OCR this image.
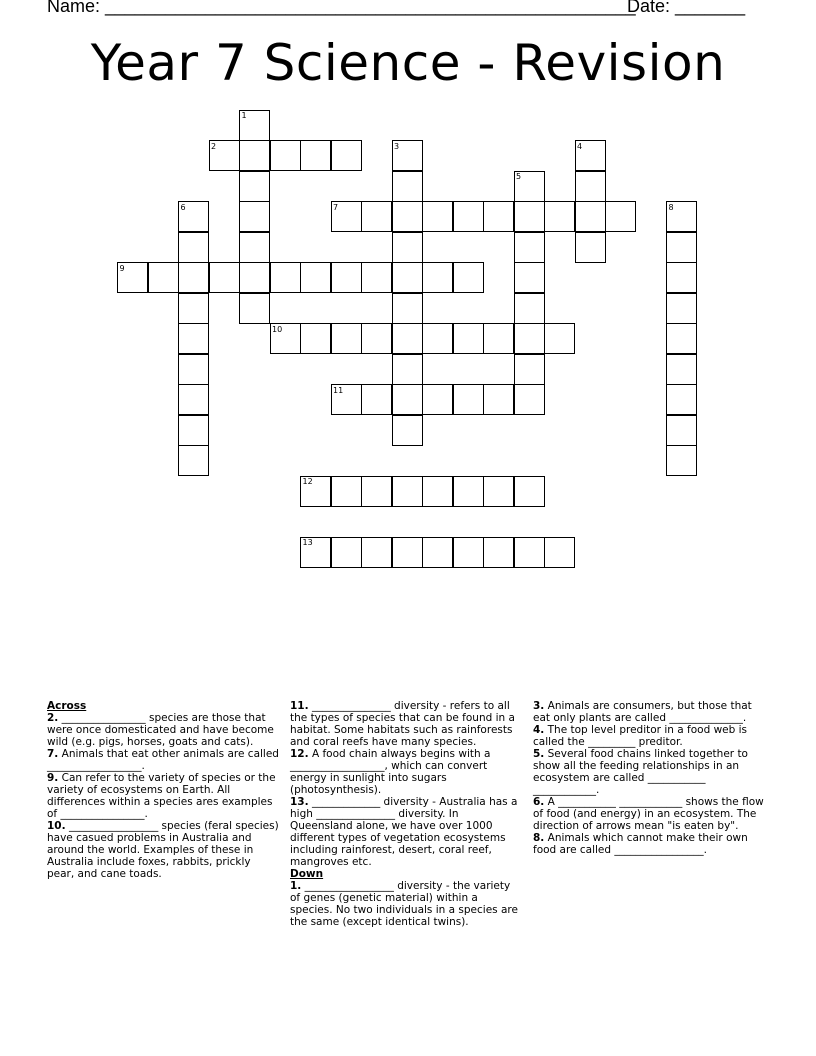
Name: _____________________________________________________
Date: _______
Year 7 Science - Revision
1
2	3	4
5
6	7	8
9
10
11
12
13

Across

2. ________________ species are those that were once domesticated and have become wild (e.g. pigs, horses, goats and cats).

7. Animals that eat other animals are called __________________.

9. Can refer to the variety of species or the variety of ecosystems on Earth. All differences within a species ares examples of ________________.

10. _________________ species (feral species) have casued problems in Australia and around the world. Examples of these in Australia include foxes, rabbits, prickly pear, and cane toads.

11. _______________ diversity - refers to all the types of species that can be found in a habitat. Some habitats such as rainforests and coral reefs have many species.

12. A food chain always begins with a __________________, which can convert energy in sunlight into sugars (photosynthesis).

13. _____________ diversity - Australia has a high _______________ diversity. In Queensland alone, we have over 1000 different types of vegetation ecosystems including rainforest, desert, coral reef, mangroves etc.

Down

1. _________________ diversity - the variety of genes (genetic material) within a species. No two individuals in a species are the same (except identical twins).

3. Animals are consumers, but those that eat only plants are called ______________.

4. The top level preditor in a food web is called the _________ preditor.

5. Several food chains linked together to show all the feeding relationships in an ecosystem are called ___________ ____________.

6. A ___________ ____________ shows the flow of food (and energy) in an ecosystem. The direction of arrows mean "is eaten by".

8. Animals which cannot make their own food are called _________________.
